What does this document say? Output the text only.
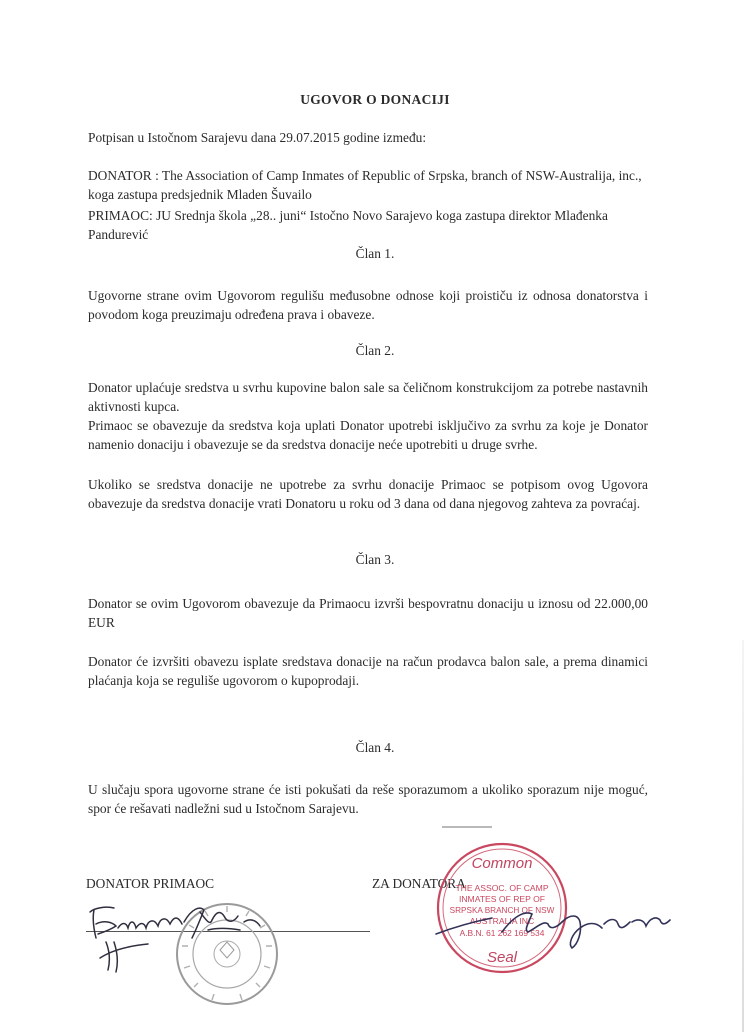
UGOVOR O DONACIJI

Potpisan u Istočnom Sarajevu dana 29.07.2015 godine između:

DONATOR : The Association of Camp Inmates of Republic of Srpska, branch of NSW-Australija, inc., koga zastupa predsjednik Mladen Šuvailo

PRIMAOC: JU Srednja škola „28.. juni“ Istočno Novo Sarajevo koga zastupa direktor Mlađenka Pandurević

Član 1.

Ugovorne strane ovim Ugovorom regulišu međusobne odnose koji proističu iz odnosa donatorstva i povodom koga preuzimaju određena prava i obaveze.

Član 2.

Donator uplaćuje sredstva u svrhu kupovine balon sale sa čeličnom konstrukcijom za potrebe nastavnih aktivnosti kupca.

Primaoc se obavezuje da sredstva koja uplati Donator upotrebi isključivo za svrhu za koje je Donator namenio donaciju i obavezuje se da sredstva donacije neće upotrebiti u druge svrhe.

Ukoliko se sredstva donacije ne upotrebe za svrhu donacije Primaoc se potpisom ovog Ugovora obavezuje da sredstva donacije vrati Donatoru u roku od 3 dana od dana njegovog zahteva za povraćaj.

Član 3.

Donator se ovim Ugovorom obavezuje da Primaocu izvrši bespovratnu donaciju u iznosu od 22.000,00 EUR

Donator će izvršiti obavezu isplate sredstava donacije na račun prodavca balon sale, a prema dinamici plaćanja koja se reguliše ugovorom o kupoprodaji.

Član 4.

U slučaju spora ugovorne strane će isti pokušati da reše sporazumom a ukoliko sporazum nije moguć, spor će rešavati nadležni sud u Istočnom Sarajevu.

DONATOR PRIMAOC	ZA DONATORA
Common
THE ASSOC. OF CAMP
INMATES OF REP OF
SRPSKA BRANCH OF NSW
AUSTRALIA INC
A.B.N. 61 262 169 534
Seal
